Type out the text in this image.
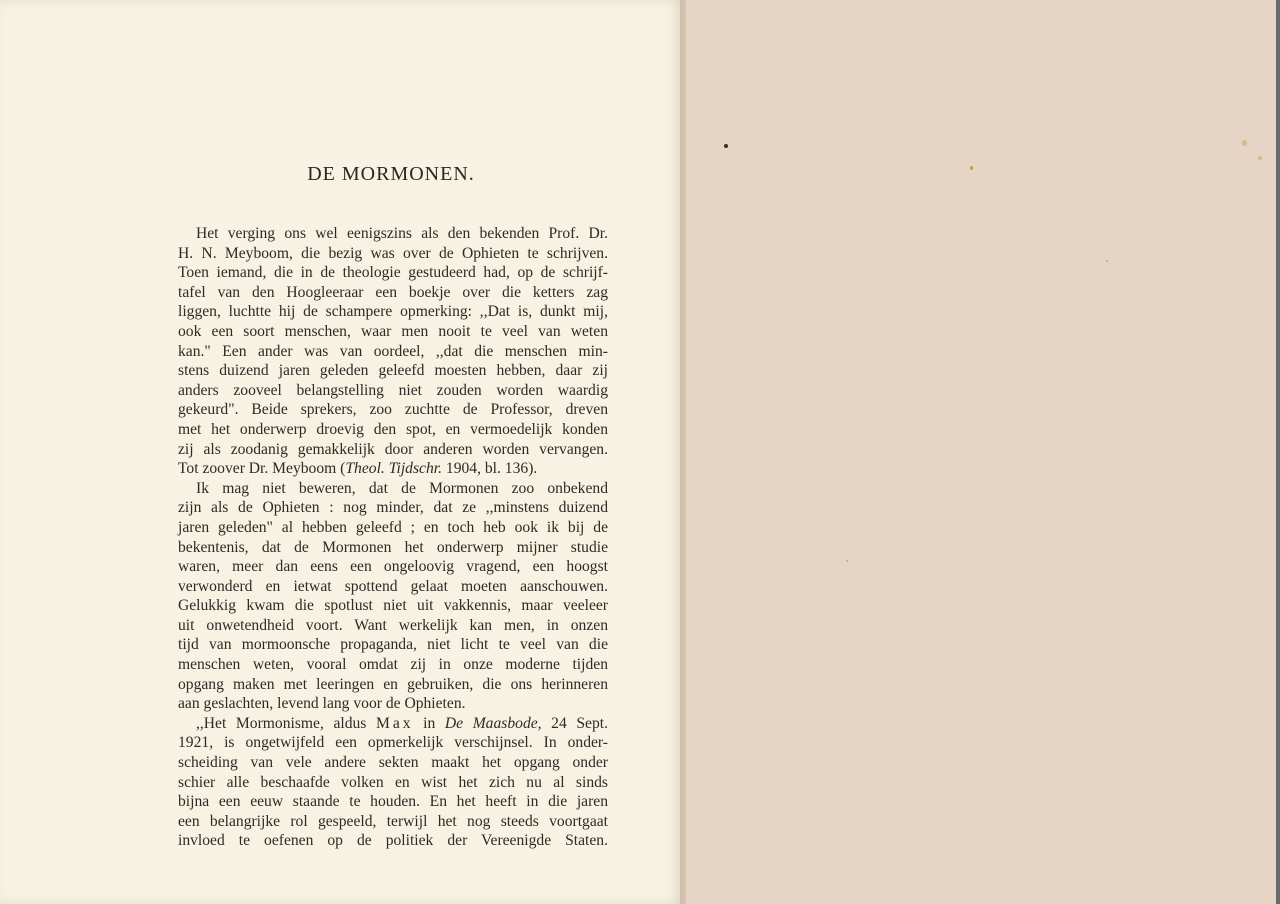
DE MORMONEN.
Het verging ons wel eenigszins als den bekenden Prof. Dr.
H. N. Meyboom, die bezig was over de Ophieten te schrijven.
Toen iemand, die in de theologie gestudeerd had, op de schrijf-
tafel van den Hoogleeraar een boekje over die ketters zag
liggen, luchtte hij de schampere opmerking: ,,Dat is, dunkt mij,
ook een soort menschen, waar men nooit te veel van weten
kan." Een ander was van oordeel, ,,dat die menschen min-
stens duizend jaren geleden geleefd moesten hebben, daar zij
anders zooveel belangstelling niet zouden worden waardig
gekeurd". Beide sprekers, zoo zuchtte de Professor, dreven
met het onderwerp droevig den spot, en vermoedelijk konden
zij als zoodanig gemakkelijk door anderen worden vervangen.
Tot zoover Dr. Meyboom (Theol. Tijdschr. 1904, bl. 136).
Ik mag niet beweren, dat de Mormonen zoo onbekend
zijn als de Ophieten : nog minder, dat ze ,,minstens duizend
jaren geleden" al hebben geleefd ; en toch heb ook ik bij de
bekentenis, dat de Mormonen het onderwerp mijner studie
waren, meer dan eens een ongeloovig vragend, een hoogst
verwonderd en ietwat spottend gelaat moeten aanschouwen.
Gelukkig kwam die spotlust niet uit vakkennis, maar veeleer
uit onwetendheid voort. Want werkelijk kan men, in onzen
tijd van mormoonsche propaganda, niet licht te veel van die
menschen weten, vooral omdat zij in onze moderne tijden
opgang maken met leeringen en gebruiken, die ons herinneren
aan geslachten, levend lang voor de Ophieten.
,,Het Mormonisme, aldus Max in De Maasbode, 24 Sept.
1921, is ongetwijfeld een opmerkelijk verschijnsel. In onder-
scheiding van vele andere sekten maakt het opgang onder
schier alle beschaafde volken en wist het zich nu al sinds
bijna een eeuw staande te houden. En het heeft in die jaren
een belangrijke rol gespeeld, terwijl het nog steeds voortgaat
invloed te oefenen op de politiek der Vereenigde Staten.
